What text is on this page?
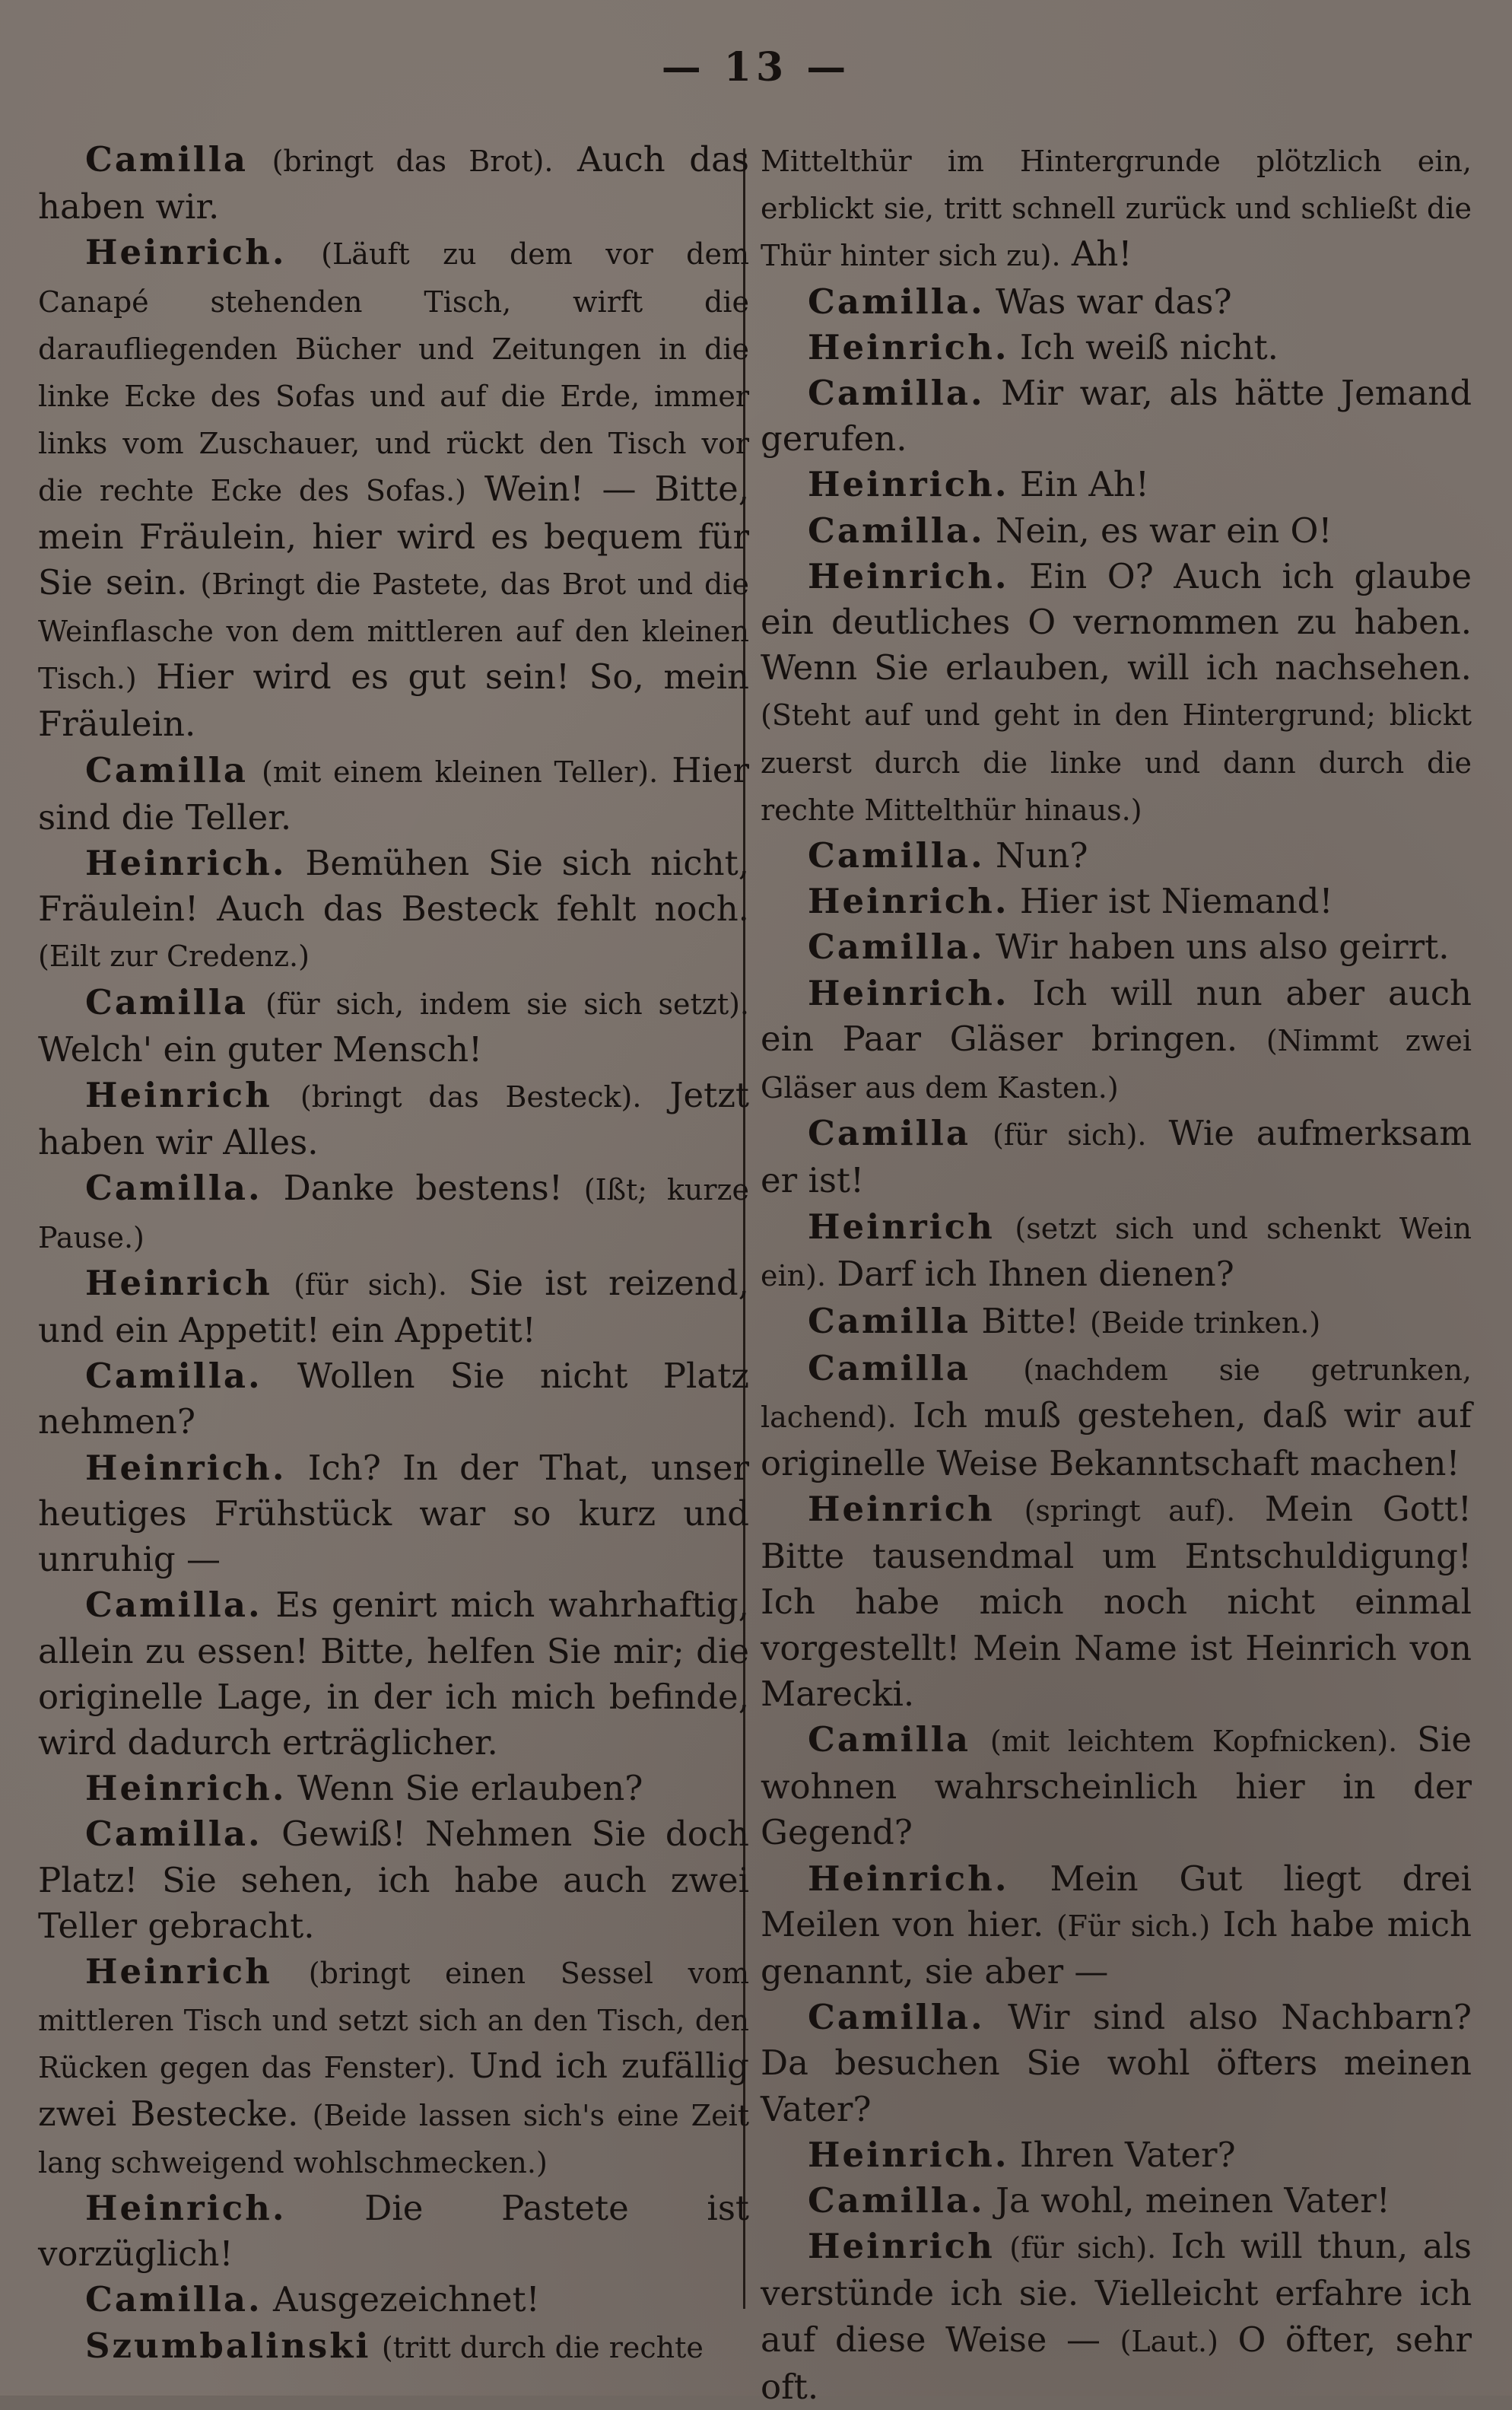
— 13 —

Camilla (bringt das Brot). Auch das haben wir.

Heinrich. (Läuft zu dem vor dem Canapé stehenden Tisch, wirft die daraufliegenden Bücher und Zeitungen in die linke Ecke des Sofas und auf die Erde, immer links vom Zuschauer, und rückt den Tisch vor die rechte Ecke des Sofas.) Wein! — Bitte, mein Fräulein, hier wird es bequem für Sie sein. (Bringt die Pastete, das Brot und die Weinflasche von dem mittleren auf den kleinen Tisch.) Hier wird es gut sein! So, mein Fräulein.

Camilla (mit einem kleinen Teller). Hier sind die Teller.

Heinrich. Bemühen Sie sich nicht, Fräulein! Auch das Besteck fehlt noch. (Eilt zur Credenz.)

Camilla (für sich, indem sie sich setzt). Welch' ein guter Mensch!

Heinrich (bringt das Besteck). Jetzt haben wir Alles.

Camilla. Danke bestens! (Ißt; kurze Pause.)

Heinrich (für sich). Sie ist reizend, und ein Appetit! ein Appetit!

Camilla. Wollen Sie nicht Platz nehmen?

Heinrich. Ich? In der That, unser heutiges Frühstück war so kurz und unruhig —

Camilla. Es genirt mich wahrhaftig, allein zu essen! Bitte, helfen Sie mir; die originelle Lage, in der ich mich befinde, wird dadurch erträglicher.

Heinrich. Wenn Sie erlauben?

Camilla. Gewiß! Nehmen Sie doch Platz! Sie sehen, ich habe auch zwei Teller gebracht.

Heinrich (bringt einen Sessel vom mittleren Tisch und setzt sich an den Tisch, den Rücken gegen das Fenster). Und ich zufällig zwei Bestecke. (Beide lassen sich's eine Zeit lang schweigend wohlschmecken.)

Heinrich. Die Pastete ist vorzüglich!

Camilla. Ausgezeichnet!

Szumbalinski (tritt durch die rechte

Mittelthür im Hintergrunde plötzlich ein, erblickt sie, tritt schnell zurück und schließt die Thür hinter sich zu). Ah!

Camilla. Was war das?

Heinrich. Ich weiß nicht.

Camilla. Mir war, als hätte Jemand gerufen.

Heinrich. Ein Ah!

Camilla. Nein, es war ein O!

Heinrich. Ein O? Auch ich glaube ein deutliches O vernommen zu haben. Wenn Sie erlauben, will ich nachsehen. (Steht auf und geht in den Hintergrund; blickt zuerst durch die linke und dann durch die rechte Mittelthür hinaus.)

Camilla. Nun?

Heinrich. Hier ist Niemand!

Camilla. Wir haben uns also geirrt.

Heinrich. Ich will nun aber auch ein Paar Gläser bringen. (Nimmt zwei Gläser aus dem Kasten.)

Camilla (für sich). Wie aufmerksam er ist!

Heinrich (setzt sich und schenkt Wein ein). Darf ich Ihnen dienen?

Camilla Bitte! (Beide trinken.)

Camilla (nachdem sie getrunken, lachend). Ich muß gestehen, daß wir auf originelle Weise Bekanntschaft machen!

Heinrich (springt auf). Mein Gott! Bitte tausendmal um Entschuldigung! Ich habe mich noch nicht einmal vorgestellt! Mein Name ist Heinrich von Marecki.

Camilla (mit leichtem Kopfnicken). Sie wohnen wahrscheinlich hier in der Gegend?

Heinrich. Mein Gut liegt drei Meilen von hier. (Für sich.) Ich habe mich genannt, sie aber —

Camilla. Wir sind also Nachbarn? Da besuchen Sie wohl öfters meinen Vater?

Heinrich. Ihren Vater?

Camilla. Ja wohl, meinen Vater!

Heinrich (für sich). Ich will thun, als verstünde ich sie. Vielleicht erfahre ich auf diese Weise — (Laut.) O öfter, sehr oft.
